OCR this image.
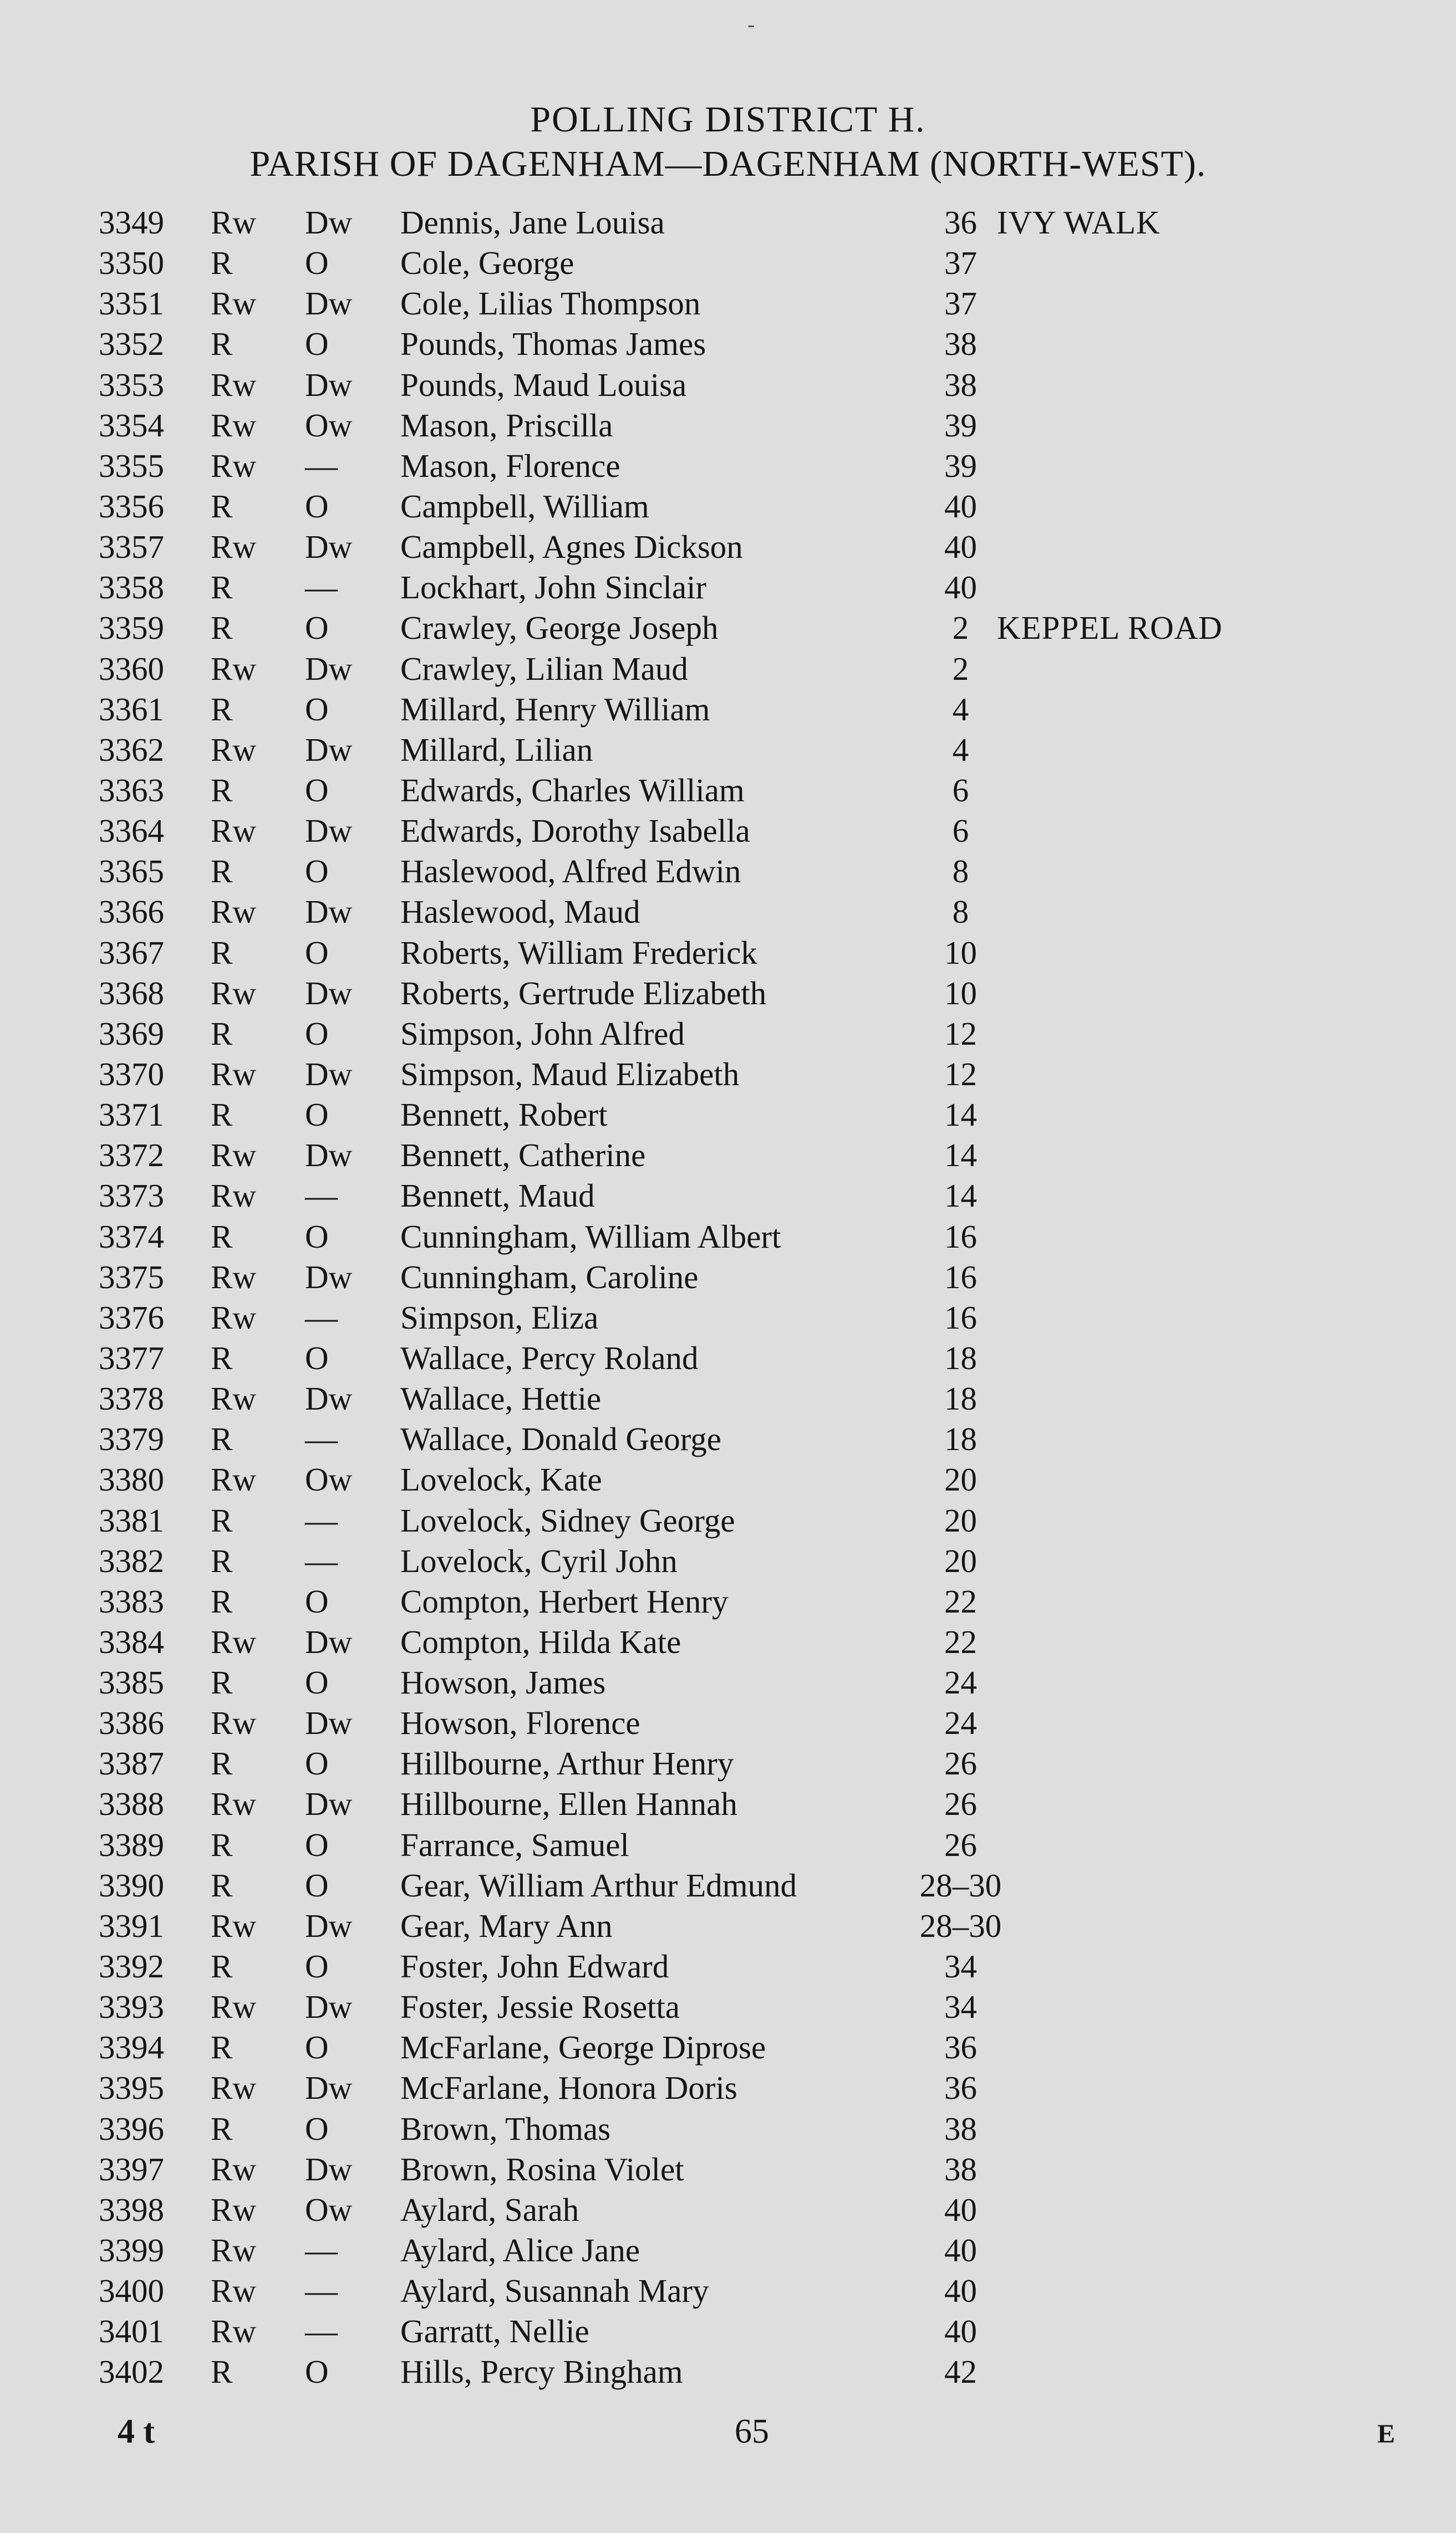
-
POLLING DISTRICT H.
PARISH OF DAGENHAM—DAGENHAM (NORTH-WEST).
3349 Rw Dw Dennis, Jane Louisa	36 IVY WALK
3350 R O Cole, George	37
3351 Rw Dw Cole, Lilias Thompson	37
3352 R O Pounds, Thomas James	38
3353 Rw Dw Pounds, Maud Louisa	38
3354 Rw Ow Mason, Priscilla	39
3355 Rw — Mason, Florence	39
3356 R O Campbell, William	40
3357 Rw Dw Campbell, Agnes Dickson	40
3358 R — Lockhart, John Sinclair	40
3359 R O Crawley, George Joseph	2 KEPPEL ROAD
3360 Rw Dw Crawley, Lilian Maud	2
3361 R O Millard, Henry William	4
3362 Rw Dw Millard, Lilian	4
3363 R O Edwards, Charles William	6
3364 Rw Dw Edwards, Dorothy Isabella	6
3365 R O Haslewood, Alfred Edwin	8
3366 Rw Dw Haslewood, Maud	8
3367 R O Roberts, William Frederick	10
3368 Rw Dw Roberts, Gertrude Elizabeth	10
3369 R O Simpson, John Alfred	12
3370 Rw Dw Simpson, Maud Elizabeth	12
3371 R O Bennett, Robert	14
3372 Rw Dw Bennett, Catherine	14
3373 Rw — Bennett, Maud	14
3374 R O Cunningham, William Albert	16
3375 Rw Dw Cunningham, Caroline	16
3376 Rw — Simpson, Eliza	16
3377 R O Wallace, Percy Roland	18
3378 Rw Dw Wallace, Hettie	18
3379 R — Wallace, Donald George	18
3380 Rw Ow Lovelock, Kate	20
3381 R — Lovelock, Sidney George	20
3382 R — Lovelock, Cyril John	20
3383 R O Compton, Herbert Henry	22
3384 Rw Dw Compton, Hilda Kate	22
3385 R O Howson, James	24
3386 Rw Dw Howson, Florence	24
3387 R O Hillbourne, Arthur Henry	26
3388 Rw Dw Hillbourne, Ellen Hannah	26
3389 R O Farrance, Samuel	26
3390 R O Gear, William Arthur Edmund	28–30
3391 Rw Dw Gear, Mary Ann	28–30
3392 R O Foster, John Edward	34
3393 Rw Dw Foster, Jessie Rosetta	34
3394 R O McFarlane, George Diprose	36
3395 Rw Dw McFarlane, Honora Doris	36
3396 R O Brown, Thomas	38
3397 Rw Dw Brown, Rosina Violet	38
3398 Rw Ow Aylard, Sarah	40
3399 Rw — Aylard, Alice Jane	40
3400 Rw — Aylard, Susannah Mary	40
3401 Rw — Garratt, Nellie	40
3402 R O Hills, Percy Bingham	42
4 t	65	E
